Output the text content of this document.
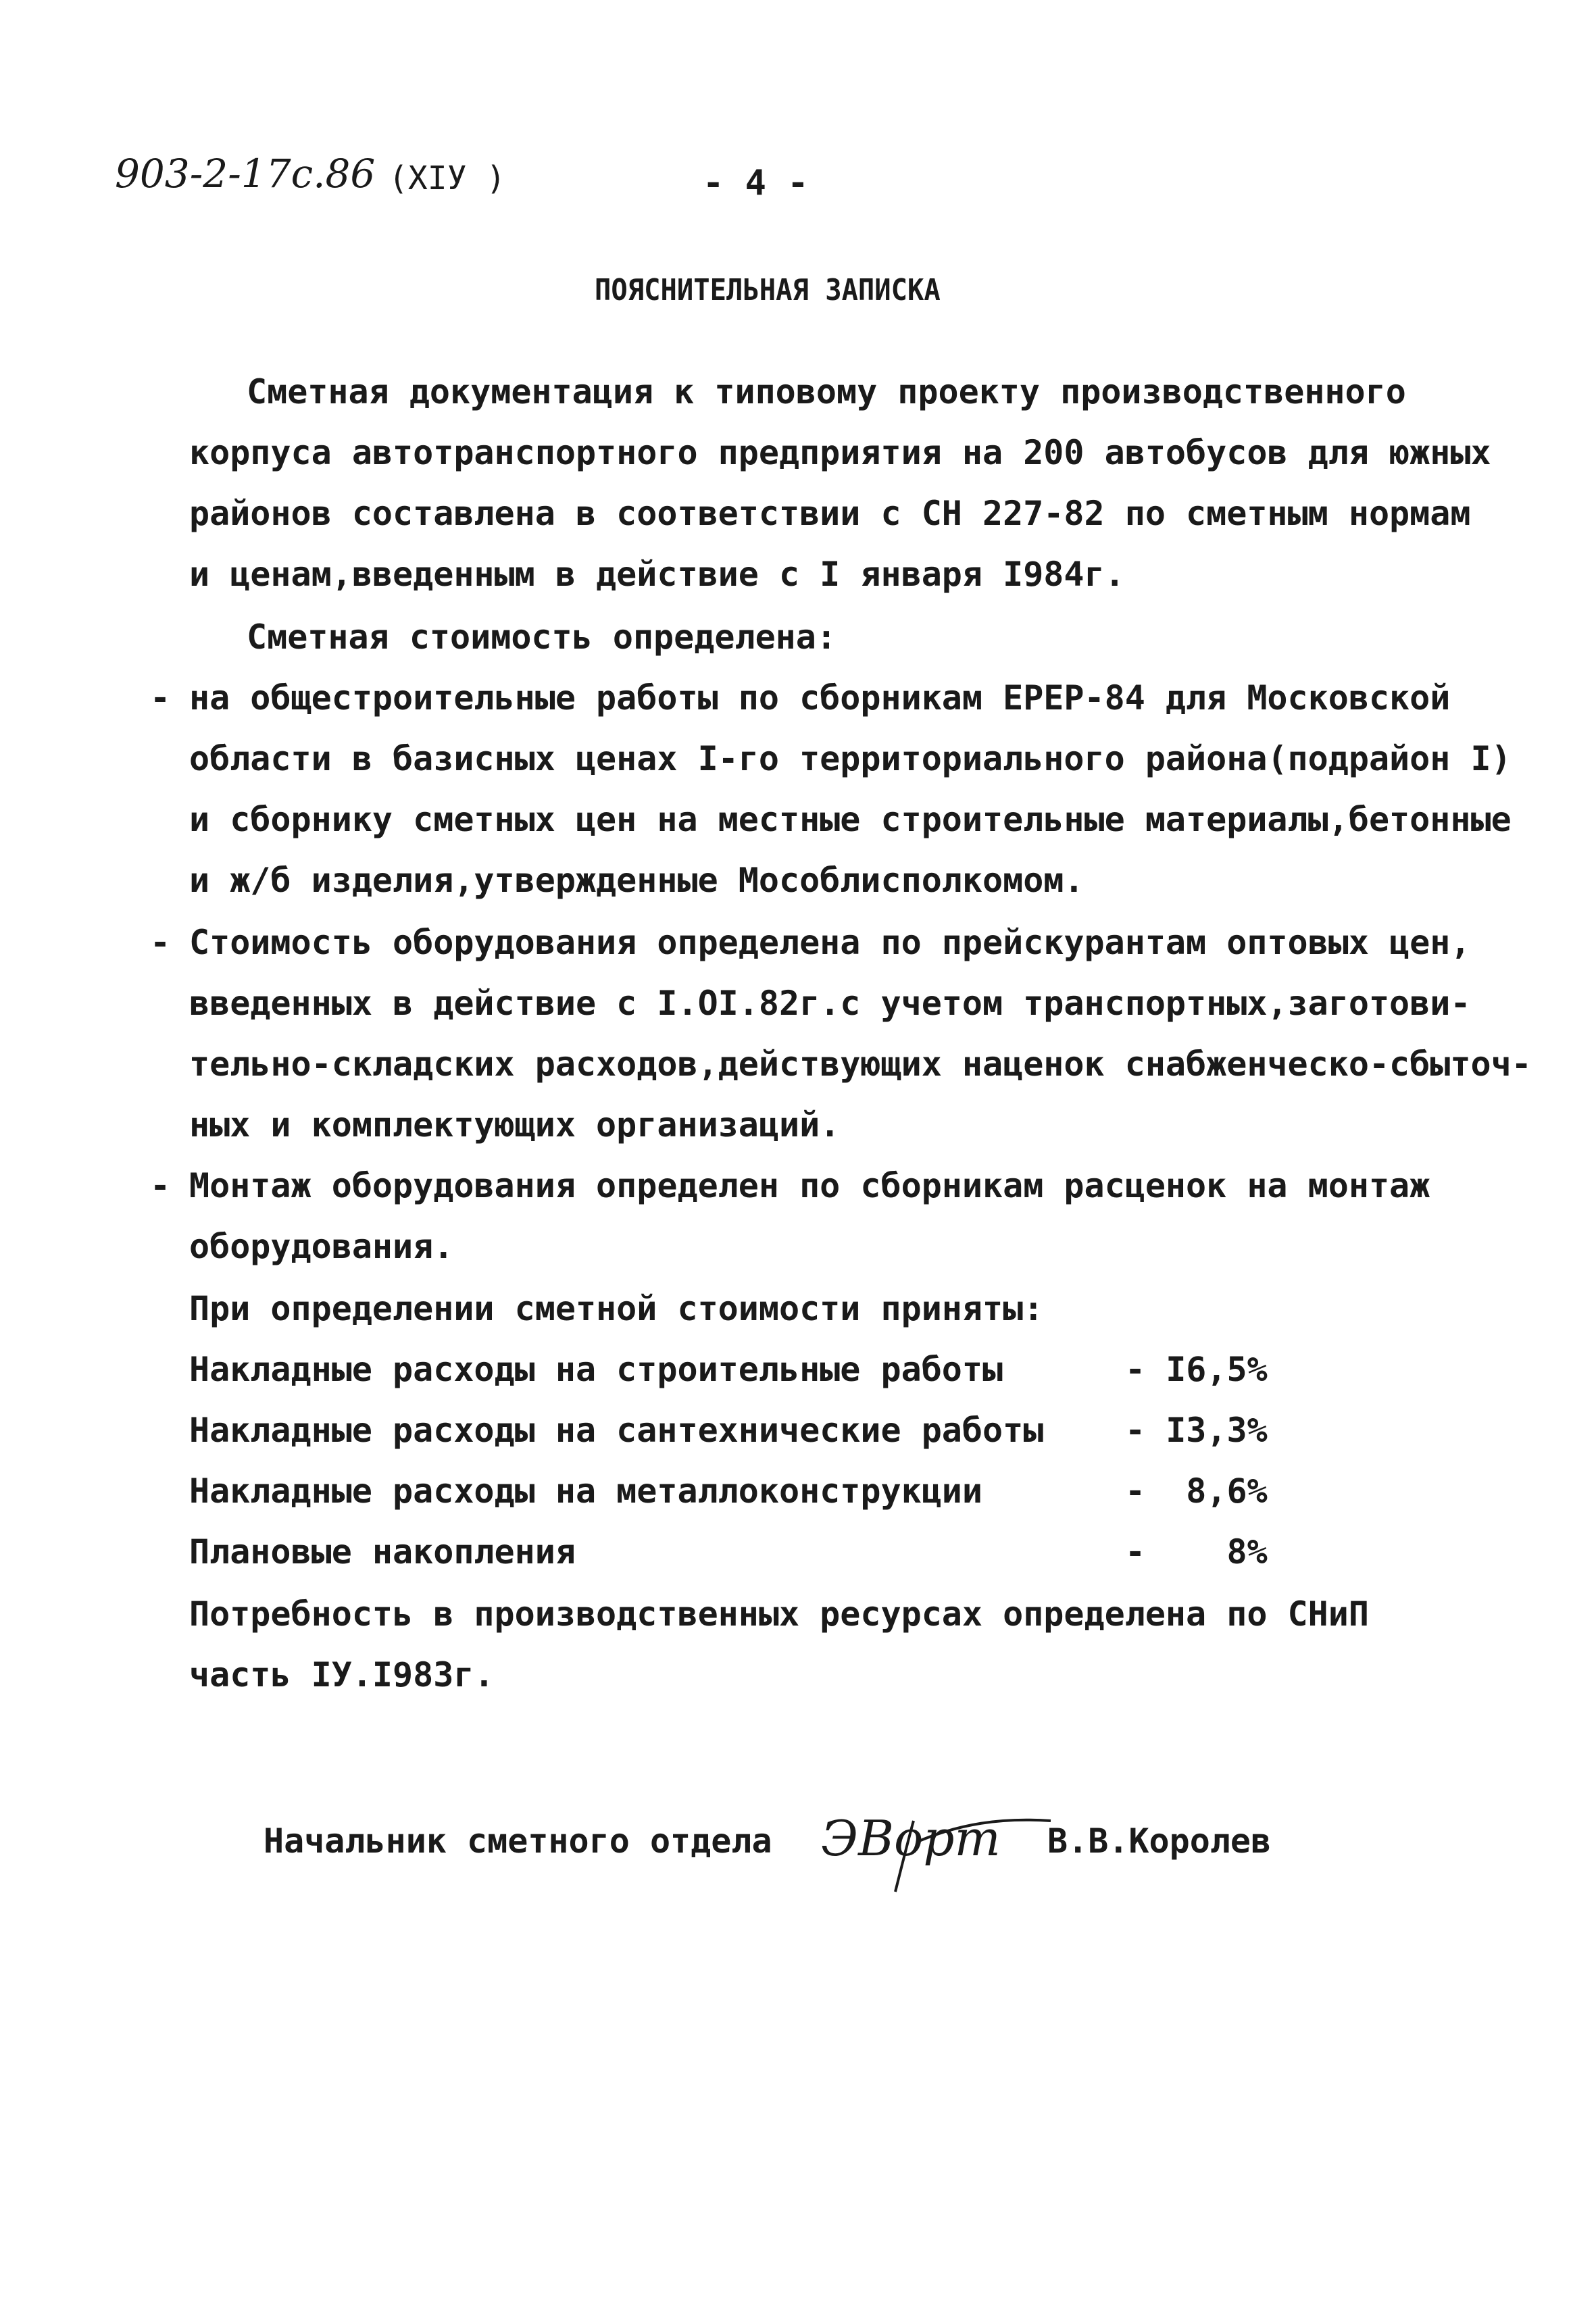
903-2-17с.86 (XIУ )	- 4 -
ПОЯСНИТЕЛЬНАЯ ЗАПИСКА
Сметная документация к типовому проекту производственного
корпуса автотранспортного предприятия на 200 автобусов для южных
районов составлена в соответствии с СН 227-82 по сметным нормам
и ценам,введенным в действие с I января I984г.
Сметная стоимость определена:
- на общестроительные работы по сборникам ЕРЕР-84 для Московской
области в базисных ценах I-го территориального района(подрайон I)
и сборнику сметных цен на местные строительные материалы,бетонные
и ж/б изделия,утвержденные Мособлисполкомом.
- Стоимость оборудования определена по прейскурантам оптовых цен,
введенных в действие с I.OI.82г.с учетом транспортных,заготови-
тельно-складских расходов,действующих наценок снабженческо-сбыточ-
ных и комплектующих организаций.
- Монтаж оборудования определен по сборникам расценок на монтаж
оборудования.
При определении сметной стоимости приняты:
Накладные расходы на строительные работы	- I6,5%
Накладные расходы на сантехнические работы - I3,3%
Накладные расходы на металлоконструкции	-  8,6%
Плановые накопления	-    8%
Потребность в производственных ресурсах определена по СНиП
часть IУ.I983г.
Начальник сметного отдела ЭВорт В.В.Королев
